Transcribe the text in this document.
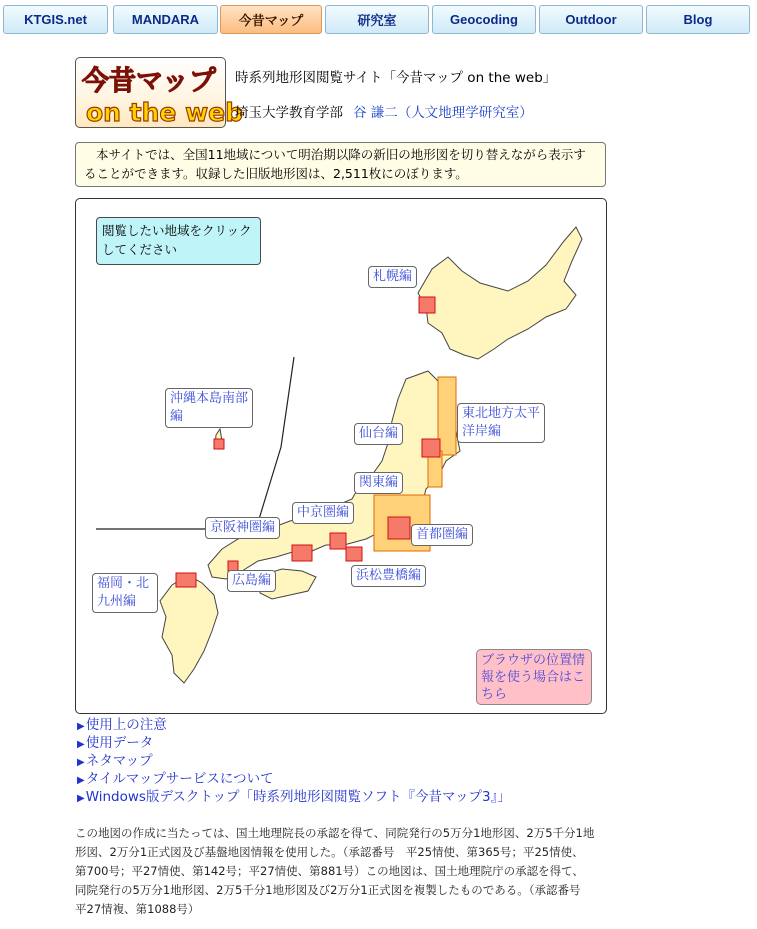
KTGIS.net	MANDARA	今昔マップ	研究室	Geocoding	Outdoor	Blog
今昔マップ
on the web
時系列地形図閲覧サイト「今昔マップ on the web」
埼玉大学教育学部 谷 謙二（人文地理学研究室）
本サイトでは、全国11地域について明治期以降の新旧の地形図を切り替えながら表示することができます。収録した旧版地形図は、2,511枚にのぼります。
閲覧したい地域をクリックしてください
札幌編
東北地方太平洋岸編
仙台編
沖縄本島南部編
関東編
中京圏編
京阪神圏編	首都圏編
浜松豊橋編
広島編
福岡・北九州編
ブラウザの位置情報を使う場合はこちら
▶使用上の注意
▶使用データ
▶ネタマップ
▶タイルマップサービスについて
▶Windows版デスクトップ「時系列地形図閲覧ソフト『今昔マップ3』」
この地図の作成に当たっては、国土地理院長の承認を得て、同院発行の5万分1地形図、2万5千分1地形図、2万分1正式図及び基盤地図情報を使用した。（承認番号　平25情使、第365号；平25情使、第700号；平27情使、第142号；平27情使、第881号）この地図は、国土地理院庁の承認を得て、同院発行の5万分1地形図、2万5千分1地形図及び2万分1正式図を複製したものである。（承認番号　平27情複、第1088号）
